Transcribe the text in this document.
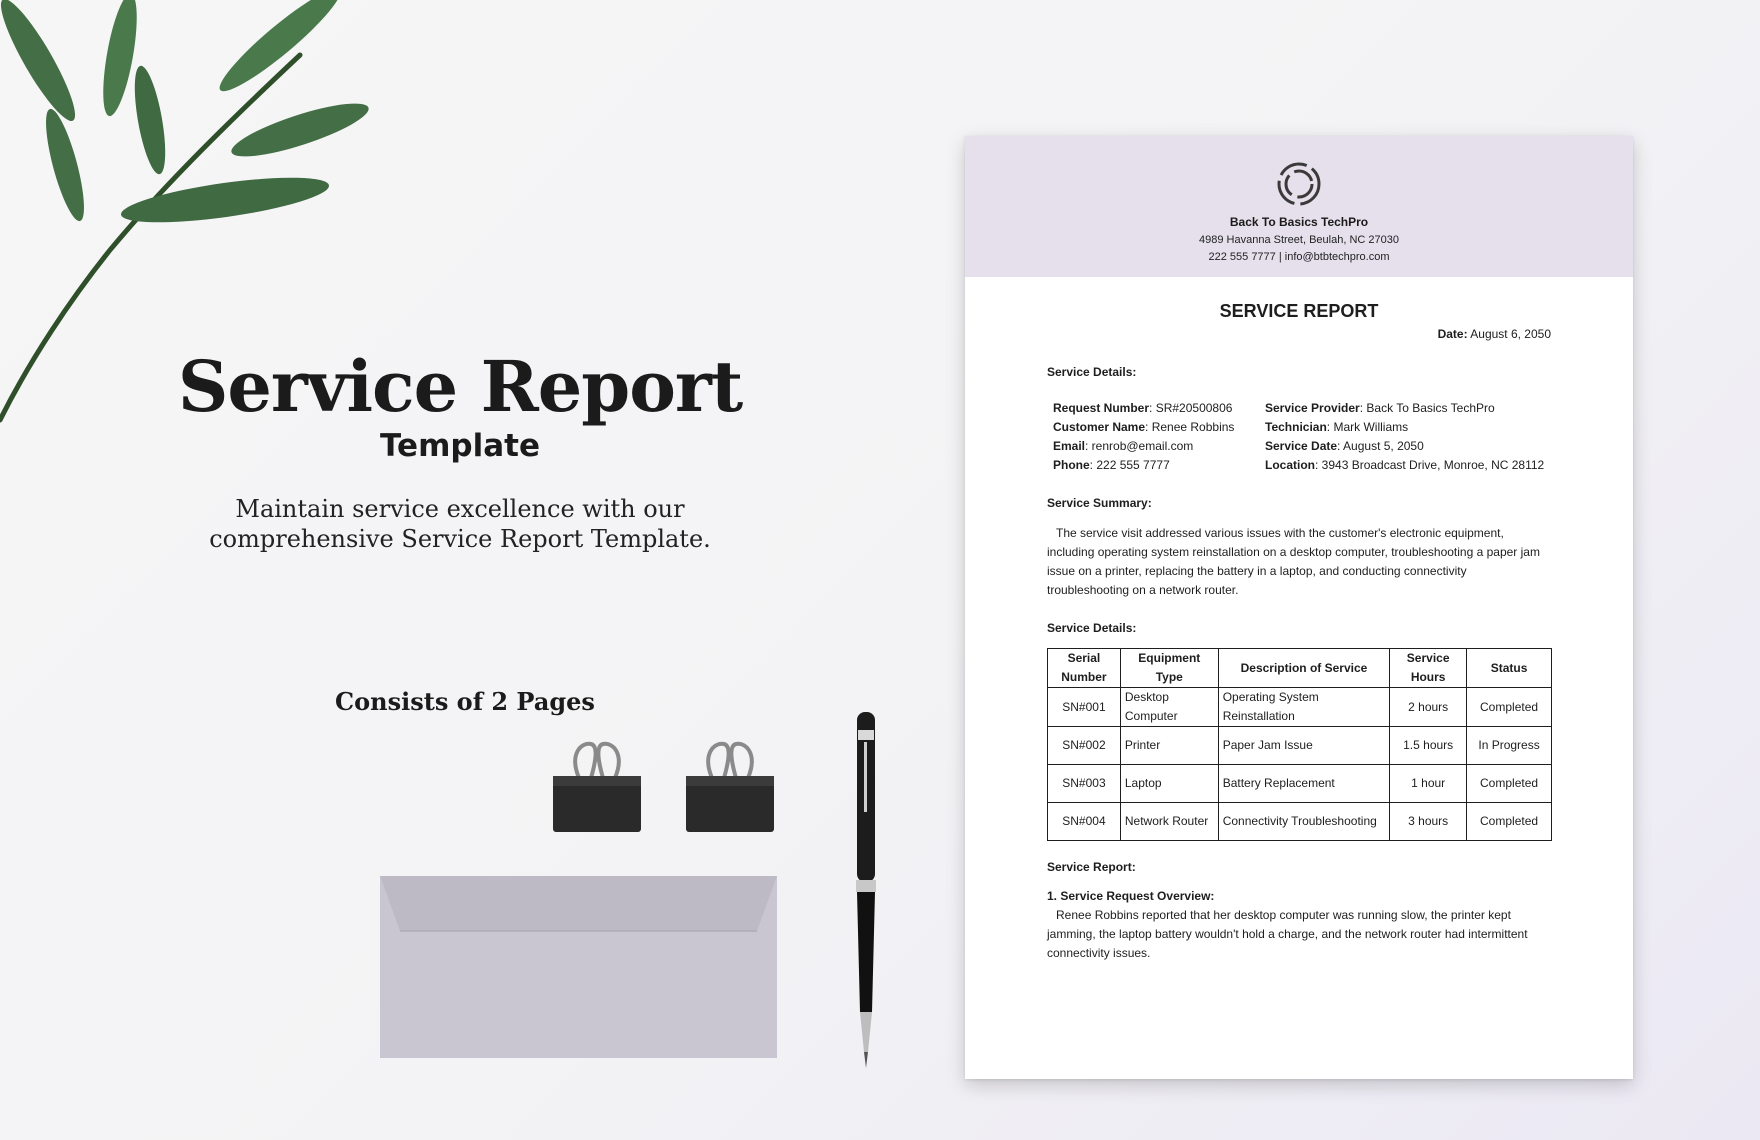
Service Report
Template
Maintain service excellence with our comprehensive Service Report Template.
Consists of 2 Pages
Back To Basics TechPro
4989 Havanna Street, Beulah, NC 27030
222 555 7777 | info@btbtechpro.com
SERVICE REPORT
Date: August 6, 2050
Service Details:
Request Number: SR#20500806
Customer Name: Renee Robbins
Email: renrob@email.com
Phone: 222 555 7777
Service Provider: Back To Basics TechPro
Technician: Mark Williams
Service Date: August 5, 2050
Location: 3943 Broadcast Drive, Monroe, NC 28112
Service Summary:
The service visit addressed various issues with the customer's electronic equipment, including operating system reinstallation on a desktop computer, troubleshooting a paper jam issue on a printer, replacing the battery in a laptop, and conducting connectivity troubleshooting on a network router.
Service Details:
Serial Number	Equipment Type	Description of Service	Service Hours	Status
SN#001	Desktop Computer	Operating System Reinstallation	2 hours	Completed
SN#002	Printer	Paper Jam Issue	1.5 hours	In Progress
SN#003	Laptop	Battery Replacement	1 hour	Completed
SN#004	Network Router	Connectivity Troubleshooting	3 hours	Completed
Service Report:
1. Service Request Overview:
Renee Robbins reported that her desktop computer was running slow, the printer kept jamming, the laptop battery wouldn't hold a charge, and the network router had intermittent connectivity issues.
